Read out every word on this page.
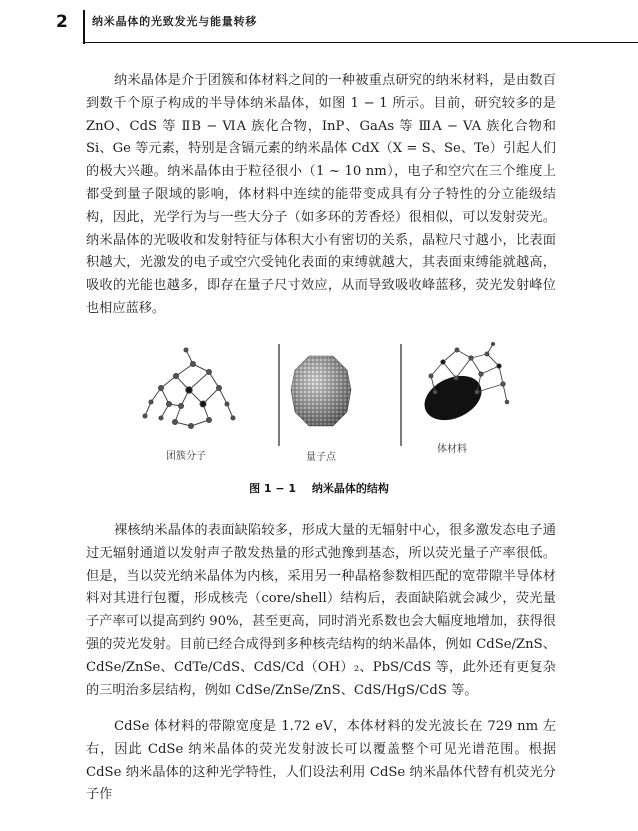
2 纳米晶体的光致发光与能量转移

纳米晶体是介于团簇和体材料之间的一种被重点研究的纳米材料，是由数百到数千个原子构成的半导体纳米晶体，如图 1 − 1 所示。目前，研究较多的是 ZnO、CdS 等 ⅡB − ⅥA 族化合物，InP、GaAs 等 ⅢA − VA 族化合物和 Si、Ge 等元素，特别是含镉元素的纳米晶体 CdX（X = S、Se、Te）引起人们的极大兴趣。纳米晶体由于粒径很小（1 ~ 10 nm），电子和空穴在三个维度上都受到量子限域的影响，体材料中连续的能带变成具有分子特性的分立能级结构，因此，光学行为与一些大分子（如多环的芳香烃）很相似，可以发射荧光。纳米晶体的光吸收和发射特征与体积大小有密切的关系，晶粒尺寸越小，比表面积越大，光激发的电子或空穴受钝化表面的束缚就越大，其表面束缚能就越高，吸收的光能也越多，即存在量子尺寸效应，从而导致吸收峰蓝移，荧光发射峰位也相应蓝移。

团簇分子	量子点
体材料
图 1 − 1 纳米晶体的结构

裸核纳米晶体的表面缺陷较多，形成大量的无辐射中心，很多激发态电子通过无辐射通道以发射声子散发热量的形式弛豫到基态，所以荧光量子产率很低。但是，当以荧光纳米晶体为内核，采用另一种晶格参数相匹配的宽带隙半导体材料对其进行包覆，形成核壳（core/shell）结构后，表面缺陷就会减少，荧光量子产率可以提高到约 90%，甚至更高，同时消光系数也会大幅度地增加，获得很强的荧光发射。目前已经合成得到多种核壳结构的纳米晶体，例如 CdSe/ZnS、CdSe/ZnSe、CdTe/CdS、CdS/Cd（OH）₂、PbS/CdS 等，此外还有更复杂的三明治多层结构，例如 CdSe/ZnSe/ZnS、CdS/HgS/CdS 等。

CdSe 体材料的带隙宽度是 1.72 eV，本体材料的发光波长在 729 nm 左右，因此 CdSe 纳米晶体的荧光发射波长可以覆盖整个可见光谱范围。根据 CdSe 纳米晶体的这种光学特性，人们设法利用 CdSe 纳米晶体代替有机荧光分子作
